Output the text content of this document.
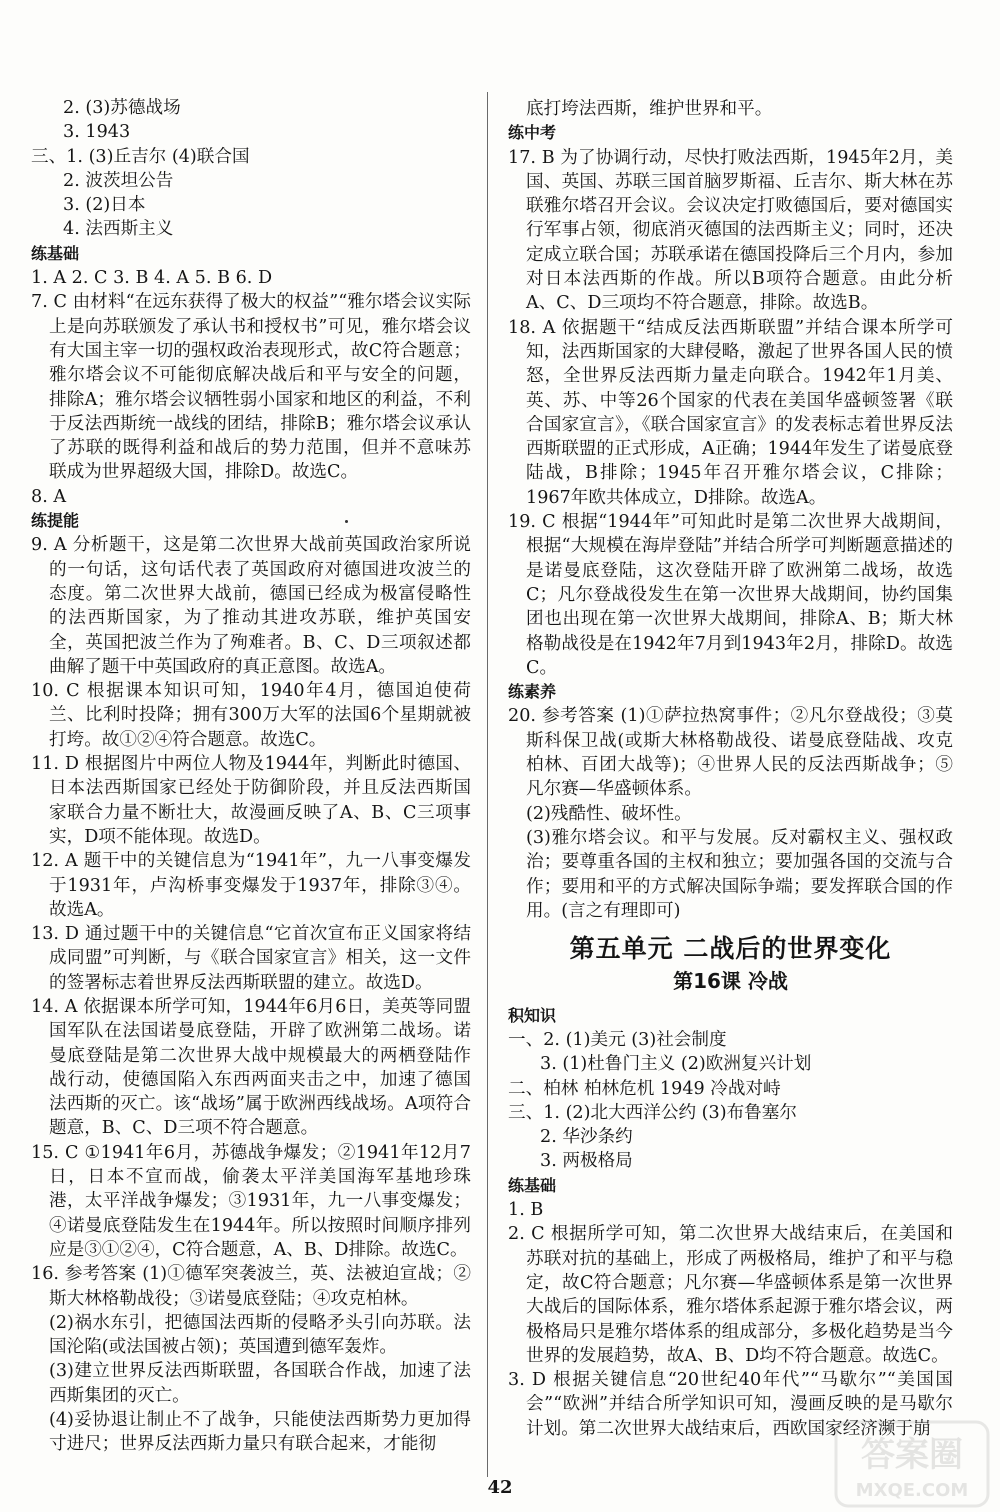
2. (3)苏德战场

3. 1943

三、1. (3)丘吉尔 (4)联合国

2. 波茨坦公告

3. (2)日本

4. 法西斯主义

练基础

1. A 2. C 3. B 4. A 5. B 6. D

7. C 由材料“在远东获得了极大的权益”“雅尔塔会议实际上是向苏联颁发了承认书和授权书”可见，雅尔塔会议有大国主宰一切的强权政治表现形式，故C符合题意；雅尔塔会议不可能彻底解决战后和平与安全的问题，排除A；雅尔塔会议牺牲弱小国家和地区的利益，不利于反法西斯统一战线的团结，排除B；雅尔塔会议承认了苏联的既得利益和战后的势力范围，但并不意味苏联成为世界超级大国，排除D。故选C。

8. A

练提能

9. A 分析题干，这是第二次世界大战前英国政治家所说的一句话，这句话代表了英国政府对德国进攻波兰的态度。第二次世界大战前，德国已经成为极富侵略性的法西斯国家，为了推动其进攻苏联，维护英国安全，英国把波兰作为了殉难者。B、C、D三项叙述都曲解了题干中英国政府的真正意图。故选A。

10. C 根据课本知识可知，1940年4月，德国迫使荷兰、比利时投降；拥有300万大军的法国6个星期就被打垮。故①②④符合题意。故选C。

11. D 根据图片中两位人物及1944年，判断此时德国、日本法西斯国家已经处于防御阶段，并且反法西斯国家联合力量不断壮大，故漫画反映了A、B、C三项事实，D项不能体现。故选D。

12. A 题干中的关键信息为“1941年”，九一八事变爆发于1931年，卢沟桥事变爆发于1937年，排除③④。故选A。

13. D 通过题干中的关键信息“它首次宣布正义国家将结成同盟”可判断，与《联合国家宣言》相关，这一文件的签署标志着世界反法西斯联盟的建立。故选D。

14. A 依据课本所学可知，1944年6月6日，美英等同盟国军队在法国诺曼底登陆，开辟了欧洲第二战场。诺曼底登陆是第二次世界大战中规模最大的两栖登陆作战行动，使德国陷入东西两面夹击之中，加速了德国法西斯的灭亡。该“战场”属于欧洲西线战场。A项符合题意，B、C、D三项不符合题意。

15. C ①1941年6月，苏德战争爆发；②1941年12月7日，日本不宣而战，偷袭太平洋美国海军基地珍珠港，太平洋战争爆发；③1931年，九一八事变爆发；④诺曼底登陆发生在1944年。所以按照时间顺序排列应是③①②④，C符合题意，A、B、D排除。故选C。

16. 参考答案 (1)①德军突袭波兰，英、法被迫宣战；②斯大林格勒战役；③诺曼底登陆；④攻克柏林。

(2)祸水东引，把德国法西斯的侵略矛头引向苏联。法国沦陷(或法国被占领)；英国遭到德军轰炸。

(3)建立世界反法西斯联盟，各国联合作战，加速了法西斯集团的灭亡。

(4)妥协退让制止不了战争，只能使法西斯势力更加得寸进尺；世界反法西斯力量只有联合起来，才能彻

底打垮法西斯，维护世界和平。

练中考

17. B 为了协调行动，尽快打败法西斯，1945年2月，美国、英国、苏联三国首脑罗斯福、丘吉尔、斯大林在苏联雅尔塔召开会议。会议决定打败德国后，要对德国实行军事占领，彻底消灭德国的法西斯主义；同时，还决定成立联合国；苏联承诺在德国投降后三个月内，参加对日本法西斯的作战。所以B项符合题意。由此分析A、C、D三项均不符合题意，排除。故选B。

18. A 依据题干“结成反法西斯联盟”并结合课本所学可知，法西斯国家的大肆侵略，激起了世界各国人民的愤怒，全世界反法西斯力量走向联合。1942年1月美、英、苏、中等26个国家的代表在美国华盛顿签署《联合国家宣言》，《联合国家宣言》的发表标志着世界反法西斯联盟的正式形成，A正确；1944年发生了诺曼底登陆战，B排除；1945年召开雅尔塔会议，C排除；1967年欧共体成立，D排除。故选A。

19. C 根据“1944年”可知此时是第二次世界大战期间，根据“大规模在海岸登陆”并结合所学可判断题意描述的是诺曼底登陆，这次登陆开辟了欧洲第二战场，故选C；凡尔登战役发生在第一次世界大战期间，协约国集团也出现在第一次世界大战期间，排除A、B；斯大林格勒战役是在1942年7月到1943年2月，排除D。故选C。

练素养

20. 参考答案 (1)①萨拉热窝事件；②凡尔登战役；③莫斯科保卫战(或斯大林格勒战役、诺曼底登陆战、攻克柏林、百团大战等)；④世界人民的反法西斯战争；⑤凡尔赛—华盛顿体系。

(2)残酷性、破坏性。

(3)雅尔塔会议。和平与发展。反对霸权主义、强权政治；要尊重各国的主权和独立；要加强各国的交流与合作；要用和平的方式解决国际争端；要发挥联合国的作用。(言之有理即可)

第五单元 二战后的世界变化

第16课 冷战

积知识

一、2. (1)美元 (3)社会制度

3. (1)杜鲁门主义 (2)欧洲复兴计划

二、柏林 柏林危机 1949 冷战对峙

三、1. (2)北大西洋公约 (3)布鲁塞尔

2. 华沙条约

3. 两极格局

练基础

1. B

2. C 根据所学可知，第二次世界大战结束后，在美国和苏联对抗的基础上，形成了两极格局，维护了和平与稳定，故C符合题意；凡尔赛—华盛顿体系是第一次世界大战后的国际体系，雅尔塔体系起源于雅尔塔会议，两极格局只是雅尔塔体系的组成部分，多极化趋势是当今世界的发展趋势，故A、B、D均不符合题意。故选C。

3. D 根据关键信息“20世纪40年代”“马歇尔”“美国国会”“欧洲”并结合所学知识可知，漫画反映的是马歇尔计划。第二次世界大战结束后，西欧国家经济濒于崩

42
答案圈
MXQE.COM
